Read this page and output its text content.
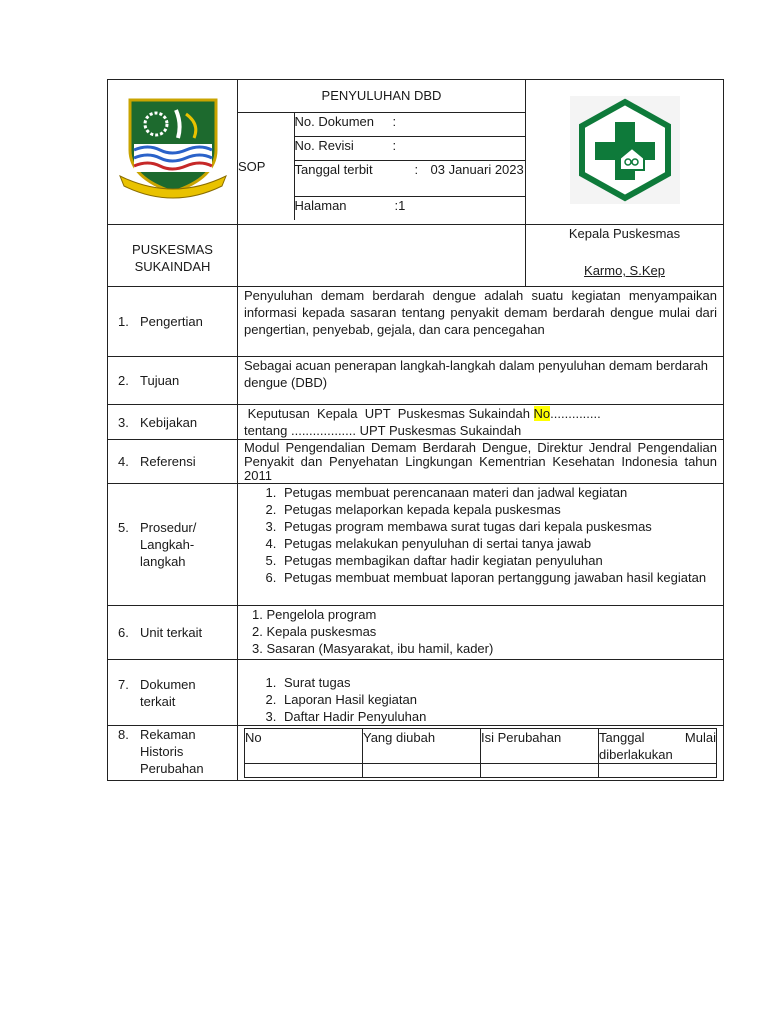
PENYULUHAN DBD
SOP	No. Dokumen :
No. Revisi	:
Tanggal terbit	: 03 Januari 2023
Halaman	:1

PUSKESMAS
SUKAINDAH

Kepala Puskesmas
Karmo, S.Kep

1. Pengertian
	Penyuluhan demam berdarah dengue adalah suatu kegiatan menyampaikan informasi kepada sasaran tentang penyakit demam berdarah dengue mulai dari pengertian, penyebab, gejala, dan cara pencegahan

2. Tujuan
	Sebagai acuan penerapan langkah-langkah dalam penyuluhan demam berdarah dengue (DBD)

3. Kebijakan

Keputusan  Kepala  UPT  Puskesmas Sukaindah No..............
tentang .................. UPT Puskesmas Sukaindah

4. Referensi
	Modul Pengendalian Demam Berdarah Dengue, Direktur Jendral Pengendalian Penyakit dan Penyehatan Lingkungan Kementrian Kesehatan Indonesia tahun 2011

5. Prosedur/
Langkah-
langkah

1. Petugas membuat perencanaan materi dan jadwal kegiatan
2. Petugas melaporkan kepada kepala puskesmas
3. Petugas program membawa surat tugas dari kepala puskesmas
4. Petugas melakukan penyuluhan di sertai tanya jawab
5. Petugas membagikan daftar hadir kegiatan penyuluhan
6. Petugas membuat membuat laporan pertanggung jawaban hasil kegiatan

6. Unit terkait

1. Pengelola program
2. Kepala puskesmas
3. Sasaran (Masyarakat, ibu hamil, kader)

7. Dokumen
terkait

1. Surat tugas
2. Laporan Hasil kegiatan
3. Daftar Hadir Penyuluhan

8. Rekaman
Historis
Perubahan

No	Yang diubah	Isi Perubahan	Tanggal Mulai diberlakukan
